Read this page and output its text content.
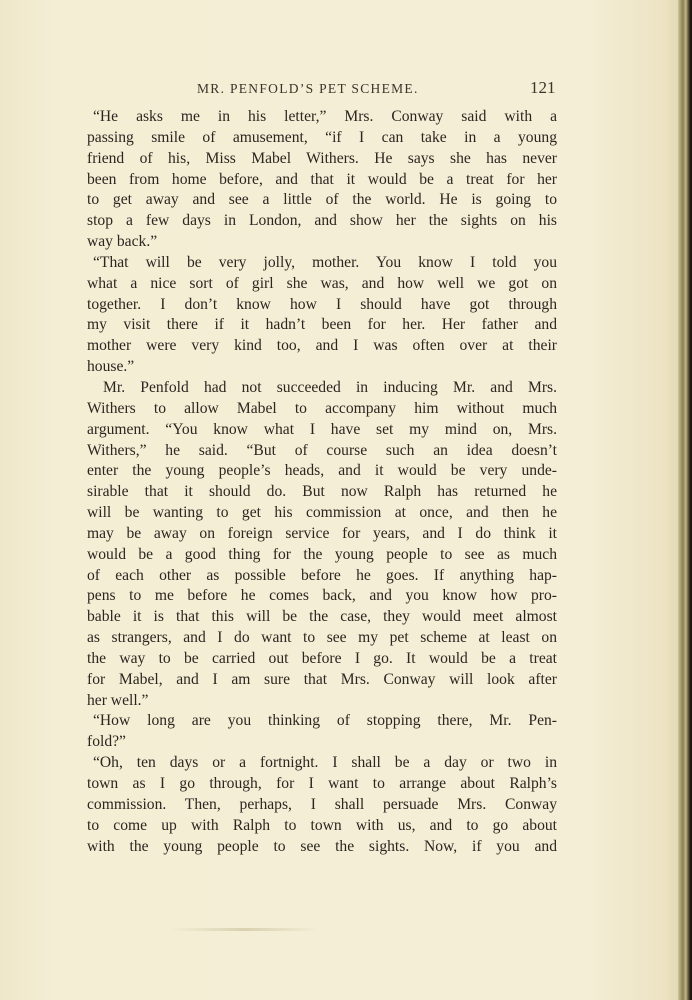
MR. PENFOLD’S PET SCHEME.	121
“He asks me in his letter,” Mrs. Conway said with a
passing smile of amusement, “if I can take in a young
friend of his, Miss Mabel Withers. He says she has never
been from home before, and that it would be a treat for her
to get away and see a little of the world. He is going to
stop a few days in London, and show her the sights on his
way back.”
“That will be very jolly, mother. You know I told you
what a nice sort of girl she was, and how well we got on
together. I don’t know how I should have got through
my visit there if it hadn’t been for her. Her father and
mother were very kind too, and I was often over at their
house.”
Mr. Penfold had not succeeded in inducing Mr. and Mrs.
Withers to allow Mabel to accompany him without much
argument. “You know what I have set my mind on, Mrs.
Withers,” he said. “But of course such an idea doesn’t
enter the young people’s heads, and it would be very unde-
sirable that it should do. But now Ralph has returned he
will be wanting to get his commission at once, and then he
may be away on foreign service for years, and I do think it
would be a good thing for the young people to see as much
of each other as possible before he goes. If anything hap-
pens to me before he comes back, and you know how pro-
bable it is that this will be the case, they would meet almost
as strangers, and I do want to see my pet scheme at least on
the way to be carried out before I go. It would be a treat
for Mabel, and I am sure that Mrs. Conway will look after
her well.”
“How long are you thinking of stopping there, Mr. Pen-
fold?”
“Oh, ten days or a fortnight. I shall be a day or two in
town as I go through, for I want to arrange about Ralph’s
commission. Then, perhaps, I shall persuade Mrs. Conway
to come up with Ralph to town with us, and to go about
with the young people to see the sights. Now, if you and
